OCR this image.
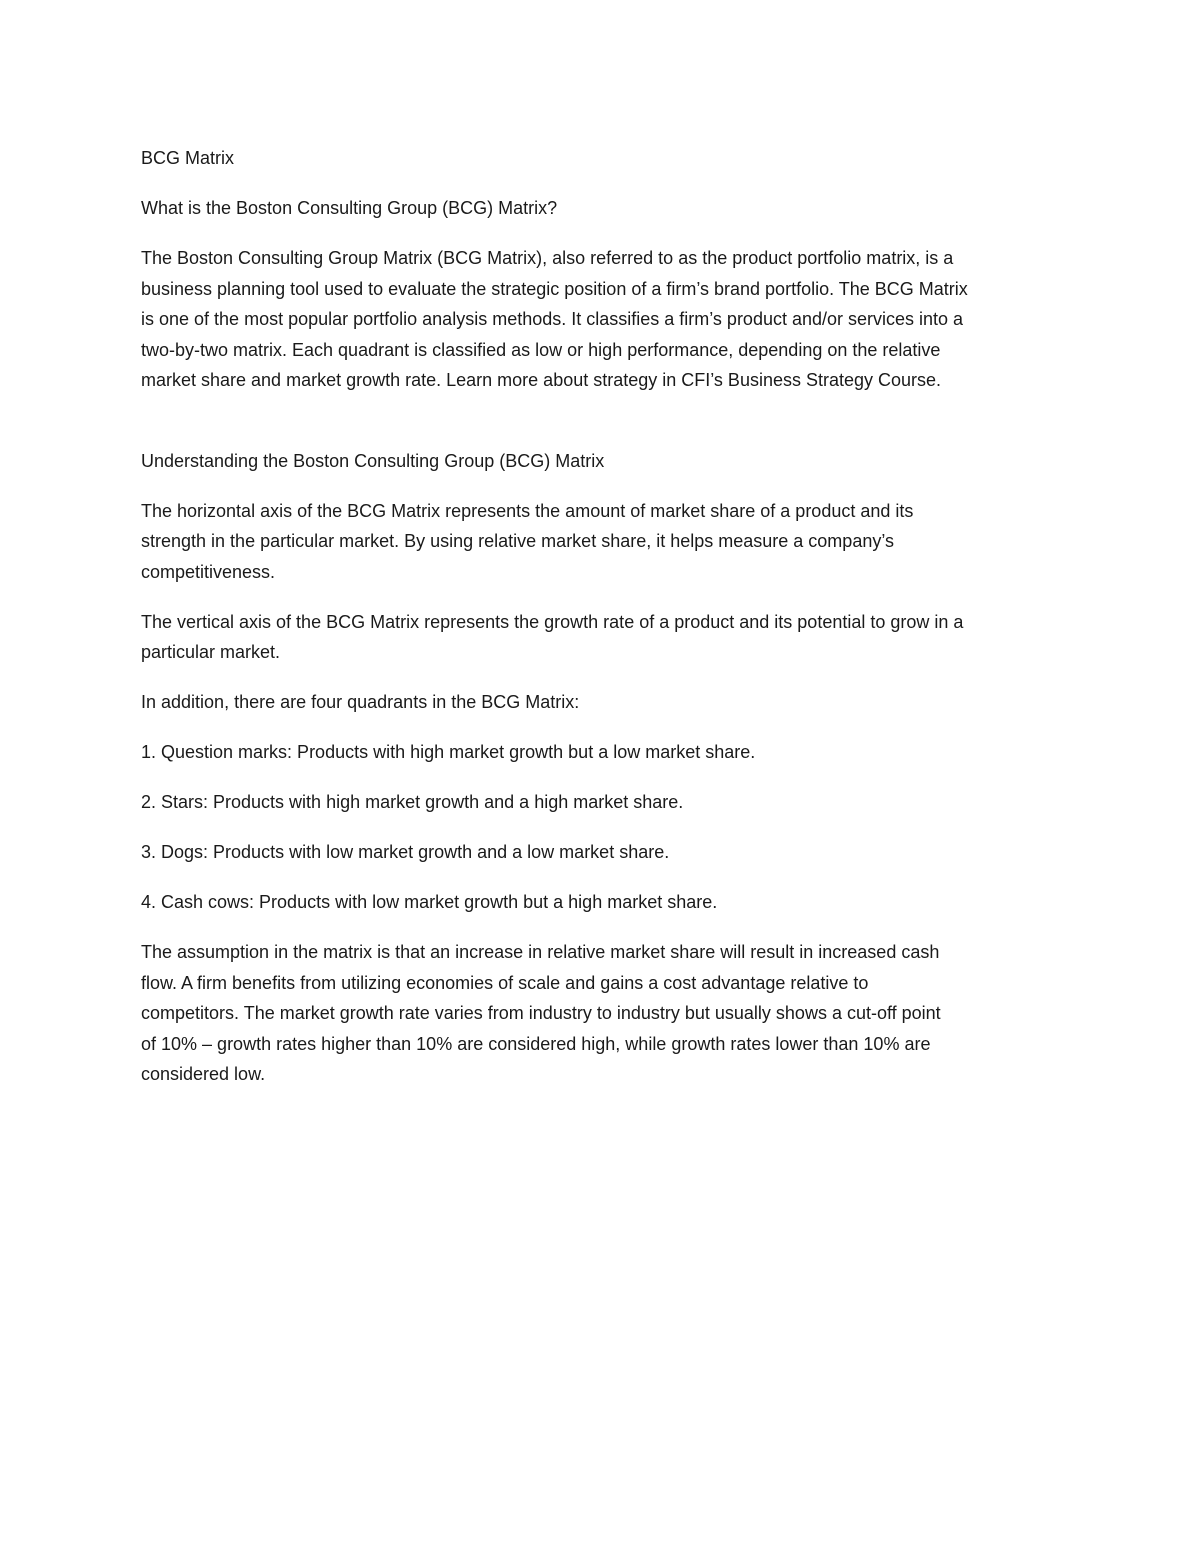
BCG Matrix

What is the Boston Consulting Group (BCG) Matrix?

The Boston Consulting Group Matrix (BCG Matrix), also referred to as the product portfolio matrix, is a
business planning tool used to evaluate the strategic position of a firm’s brand portfolio. The BCG Matrix
is one of the most popular portfolio analysis methods. It classifies a firm’s product and/or services into a
two-by-two matrix. Each quadrant is classified as low or high performance, depending on the relative
market share and market growth rate. Learn more about strategy in CFI’s Business Strategy Course.

Understanding the Boston Consulting Group (BCG) Matrix

The horizontal axis of the BCG Matrix represents the amount of market share of a product and its
strength in the particular market. By using relative market share, it helps measure a company’s
competitiveness.

The vertical axis of the BCG Matrix represents the growth rate of a product and its potential to grow in a
particular market.

In addition, there are four quadrants in the BCG Matrix:

1. Question marks: Products with high market growth but a low market share.

2. Stars: Products with high market growth and a high market share.

3. Dogs: Products with low market growth and a low market share.

4. Cash cows: Products with low market growth but a high market share.

The assumption in the matrix is that an increase in relative market share will result in increased cash
flow. A firm benefits from utilizing economies of scale and gains a cost advantage relative to
competitors. The market growth rate varies from industry to industry but usually shows a cut-off point
of 10% – growth rates higher than 10% are considered high, while growth rates lower than 10% are
considered low.
